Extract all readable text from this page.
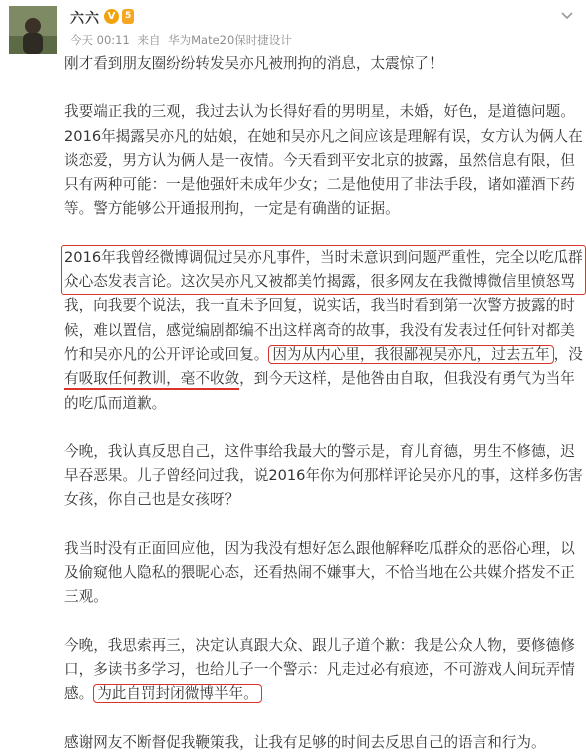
六六 V	5
今天 00:11 来自 华为Mate20保时捷设计
刚才看到朋友圈纷纷转发吴亦凡被刑拘的消息，太震惊了！
我要端正我的三观，我过去认为长得好看的男明星，未婚，好色，是道德问题。
2016年揭露吴亦凡的姑娘，在她和吴亦凡之间应该是理解有误，女方认为俩人在
谈恋爱，男方认为俩人是一夜情。今天看到平安北京的披露，虽然信息有限，但
只有两种可能：一是他强奸未成年少女；二是他使用了非法手段，诸如灌酒下药
等。警方能够公开通报刑拘，一定是有确凿的证据。
2016年我曾经微博调侃过吴亦凡事件，当时未意识到问题严重性，完全以吃瓜群
众心态发表言论。这次吴亦凡又被都美竹揭露，很多网友在我微博微信里愤怒骂
我，向我要个说法，我一直未予回复，说实话，我当时看到第一次警方披露的时
候，难以置信，感觉编剧都编不出这样离奇的故事，我没有发表过任何针对都美
竹和吴亦凡的公开评论或回复。 因为从内心里，我很鄙视吴亦凡，过去五年 ，没
有吸取任何教训，毫不收敛，到今天这样，是他咎由自取，但我没有勇气为当年
的吃瓜而道歉。
今晚，我认真反思自己，这件事给我最大的警示是，育儿育德，男生不修德，迟
早吞恶果。儿子曾经问过我，说2016年你为何那样评论吴亦凡的事，这样多伤害
女孩，你自己也是女孩呀？
我当时没有正面回应他，因为我没有想好怎么跟他解释吃瓜群众的恶俗心理，以
及偷窥他人隐私的猥昵心态，还看热闹不嫌事大，不恰当地在公共媒介搭发不正
三观。
今晚，我思索再三，决定认真跟大众、跟儿子道个歉：我是公众人物，要修德修
口，多读书多学习，也给儿子一个警示：凡走过必有痕迹，不可游戏人间玩弄情
感。 为此自罚封闭微博半年。
感谢网友不断督促我鞭策我，让我有足够的时间去反思自己的语言和行为。
